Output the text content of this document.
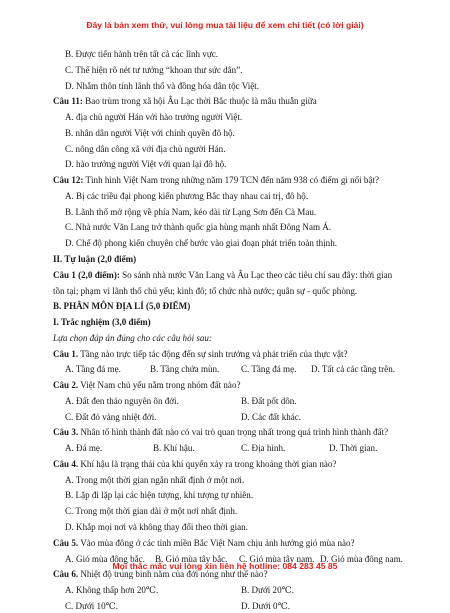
Đây là bản xem thử, vui lòng mua tài liệu để xem chi tiết (có lời giải)
B. Được tiến hành trên tất cả các lĩnh vực.
C. Thể hiện rõ nét tư tưởng “khoan thư sức dân”.
D. Nhằm thôn tính lãnh thổ và đồng hóa dân tộc Việt.
Câu 11: Bao trùm trong xã hội Âu Lạc thời Bắc thuộc là mâu thuẫn giữa
A. địa chủ người Hán với hào trưởng người Việt.
B. nhân dân người Việt với chính quyền đô hộ.
C. nông dân công xã với địa chủ người Hán.
D. hào trưởng người Việt với quan lại đô hộ.
Câu 12: Tình hình Việt Nam trong những năm 179 TCN đến năm 938 có điểm gì nổi bật?
A. Bị các triều đại phong kiến phương Bắc thay nhau cai trị, đô hộ.
B. Lãnh thổ mở rộng về phía Nam, kéo dài từ Lạng Sơn đến Cà Mau.
C. Nhà nước Văn Lang trở thành quốc gia hùng mạnh nhất Đông Nam Á.
D. Chế độ phong kiến chuyên chế bước vào giai đoạn phát triển toàn thịnh.
II. Tự luận (2,0 điểm)
Câu 1 (2,0 điểm): So sánh nhà nước Văn Lang và Âu Lạc theo các tiêu chí sau đây: thời gian
tồn tại; phạm vi lãnh thổ chủ yếu; kinh đô; tổ chức nhà nước; quân sự - quốc phòng.
B. PHÂN MÔN ĐỊA LÍ (5,0 ĐIỂM)
I. Trắc nghiệm (3,0 điểm)
Lựa chọn đáp án đúng cho các câu hỏi sau:
Câu 1. Tầng nào trực tiếp tác động đến sự sinh trưởng và phát triển của thực vật?
A. Tầng đá mẹ.	B. Tầng chứa mùn. C. Tầng đá mẹ. D. Tất cả các tầng trên.
Câu 2. Việt Nam chủ yếu nằm trong nhóm đất nào?
A. Đất đen thảo nguyên ôn đới.	B. Đất pốt dôn.
C. Đất đỏ vàng nhiệt đới.	D. Các đất khác.
Câu 3. Nhân tố hình thành đất nào có vai trò quan trọng nhất trong quá trình hình thành đất?
A. Đá mẹ.	B. Khí hậu.	C. Địa hình.	D. Thời gian.
Câu 4. Khí hậu là trạng thái của khí quyển xảy ra trong khoảng thời gian nào?
A. Trong một thời gian ngắn nhất định ở một nơi.
B. Lặp đi lặp lại các hiện tượng, khí tượng tự nhiên.
C. Trong một thời gian dài ở một nơi nhất định.
D. Khắp mọi nơi và không thay đổi theo thời gian.
Câu 5. Vào mùa đông ở các tỉnh miền Bắc Việt Nam chịu ảnh hưởng gió mùa nào?
A. Gió mùa đông bắc. B. Gió mùa tây bắc. C. Gió mùa tây nam. D. Gió mùa đông nam.
Câu 6. Nhiệt độ trung bình năm của đới nóng như thế nào?
A. Không thấp hơn 20℃.	B. Dưới 20℃.
C. Dưới 10℃.	D. Dưới 0℃.
Mọi thắc mắc vui lòng xin liên hệ hotline: 084 283 45 85
